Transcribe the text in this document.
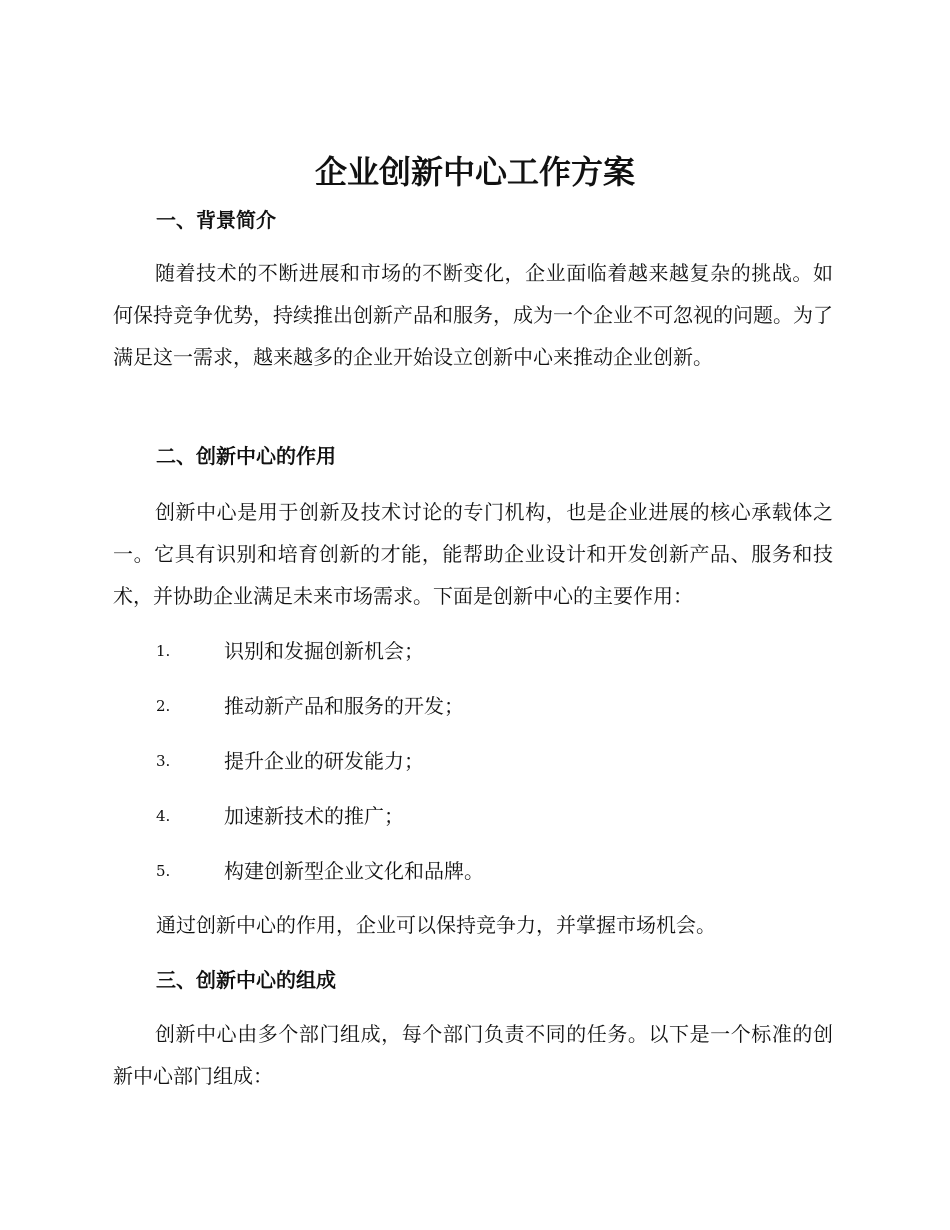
企业创新中心工作方案
一、背景简介

随着技术的不断进展和市场的不断变化，企业面临着越来越复杂的挑战。如何保持竞争优势，持续推出创新产品和服务，成为一个企业不可忽视的问题。为了满足这一需求，越来越多的企业开始设立创新中心来推动企业创新。

二、创新中心的作用

创新中心是用于创新及技术讨论的专门机构，也是企业进展的核心承载体之一。它具有识别和培育创新的才能，能帮助企业设计和开发创新产品、服务和技术，并协助企业满足未来市场需求。下面是创新中心的主要作用：

1.	识别和发掘创新机会；
2.	推动新产品和服务的开发；
3.	提升企业的研发能力；
4.	加速新技术的推广；
5.	构建创新型企业文化和品牌。

通过创新中心的作用，企业可以保持竞争力，并掌握市场机会。

三、创新中心的组成

创新中心由多个部门组成，每个部门负责不同的任务。以下是一个标准的创新中心部门组成：
